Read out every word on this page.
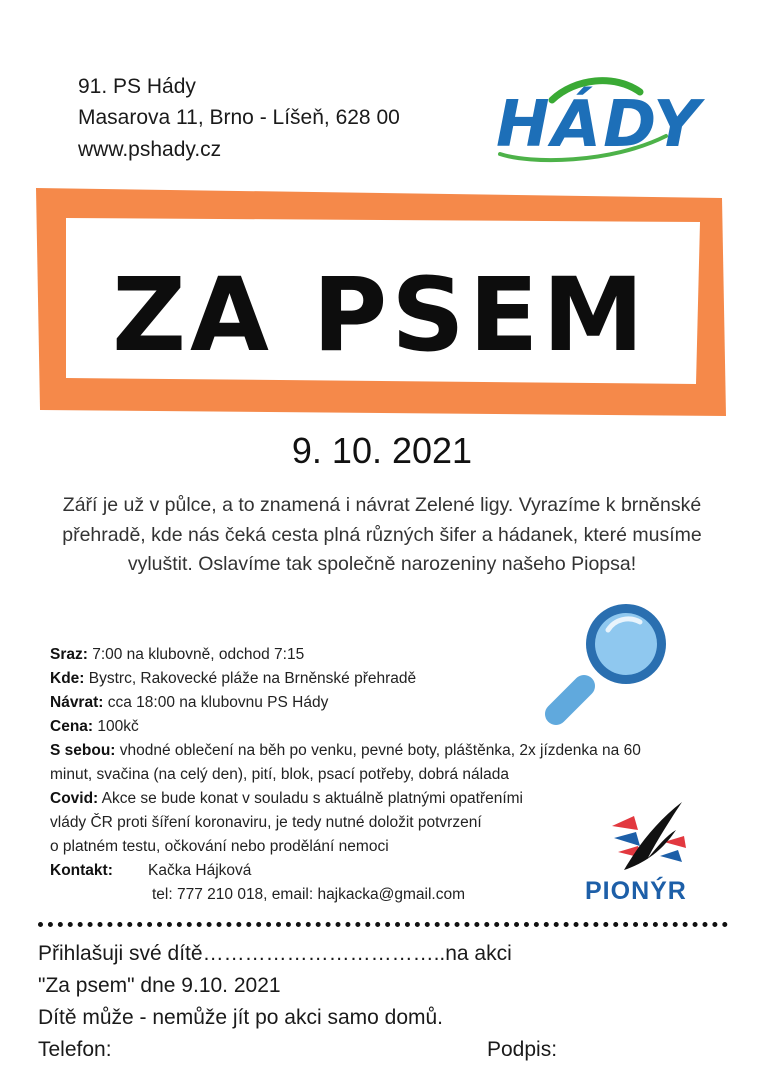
91. PS Hády
Masarova 11, Brno - Líšeň, 628 00
www.pshady.cz	HÁDY
ZA PSEM
9. 10. 2021
Září je už v půlce, a to znamená i návrat Zelené ligy. Vyrazíme k brněnské přehradě, kde nás čeká cesta plná různých šifer a hádanek, které musíme vyluštit. Oslavíme tak společně narozeniny našeho Piopsa!
Sraz: 7:00 na klubovně, odchod 7:15
Kde: Bystrc, Rakovecké pláže na Brněnské přehradě
Návrat: cca 18:00 na klubovnu PS Hády
Cena: 100kč
S sebou: vhodné oblečení na běh po venku, pevné boty, pláštěnka, 2x jízdenka na 60
minut, svačina (na celý den), pití, blok, psací potřeby, dobrá nálada
Covid: Akce se bude konat v souladu s aktuálně platnými opatřeními
vlády ČR proti šíření koronaviru, je tedy nutné doložit potvrzení
o platném testu, očkování nebo prodělání nemoci
Kontakt: Kačka Hájková
tel: 777 210 018, email: hajkacka@gmail.com	PIONÝR
Přihlašuji své dítě……………………………..na akci
"Za psem" dne 9.10. 2021
Dítě může - nemůže jít po akci samo domů.
Telefon:	Podpis:
